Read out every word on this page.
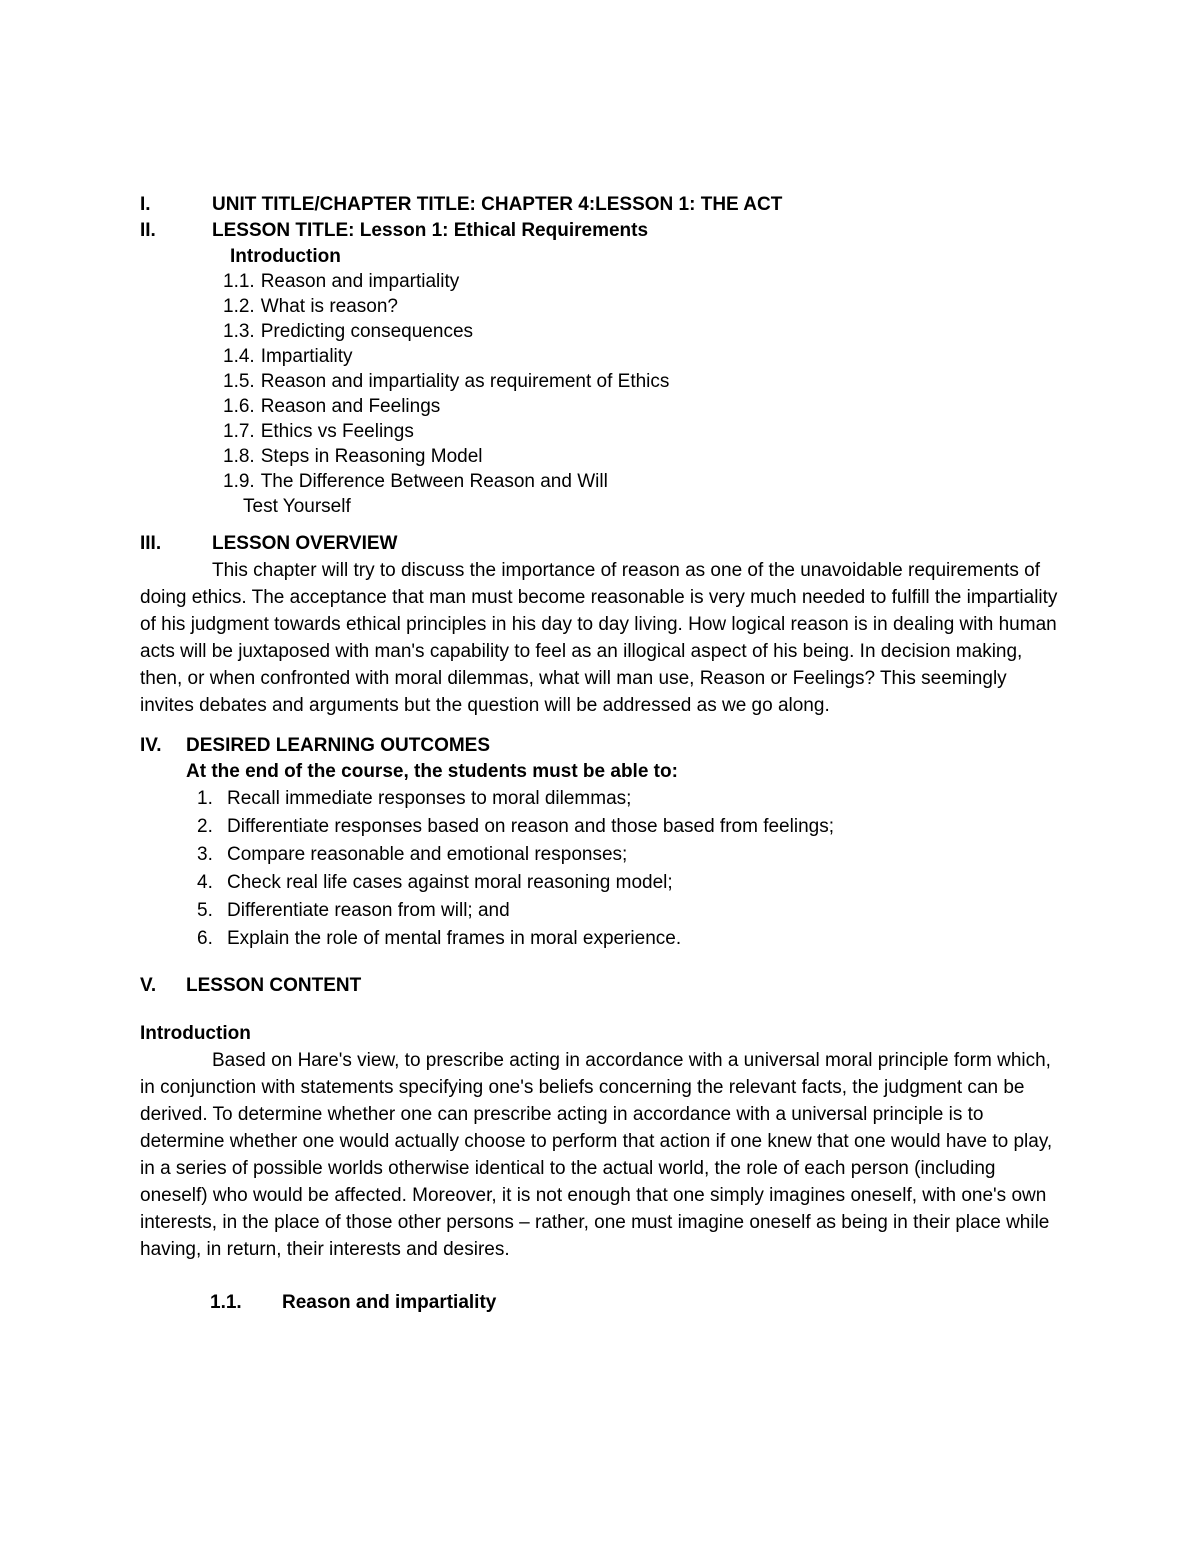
I.	UNIT TITLE/CHAPTER TITLE: CHAPTER 4:LESSON 1: THE ACT
II.	LESSON TITLE: Lesson 1: Ethical Requirements
Introduction
1.1. Reason and impartiality
1.2. What is reason?
1.3. Predicting consequences
1.4. Impartiality
1.5. Reason and impartiality as requirement of Ethics
1.6. Reason and Feelings
1.7. Ethics vs Feelings
1.8. Steps in Reasoning Model
1.9. The Difference Between Reason and Will
Test Yourself
III.	LESSON OVERVIEW

This chapter will try to discuss the importance of reason as one of the unavoidable requirements of doing ethics. The acceptance that man must become reasonable is very much needed to fulfill the impartiality of his judgment towards ethical principles in his day to day living. How logical reason is in dealing with human acts will be juxtaposed with man's capability to feel as an illogical aspect of his being. In decision making, then, or when confronted with moral dilemmas, what will man use, Reason or Feelings? This seemingly invites debates and arguments but the question will be addressed as we go along.

IV.	DESIRED LEARNING OUTCOMES
At the end of the course, the students must be able to:
1. Recall immediate responses to moral dilemmas;
2. Differentiate responses based on reason and those based from feelings;
3. Compare reasonable and emotional responses;
4. Check real life cases against moral reasoning model;
5. Differentiate reason from will; and
6. Explain the role of mental frames in moral experience.
V.	LESSON CONTENT
Introduction

Based on Hare's view, to prescribe acting in accordance with a universal moral principle form which, in conjunction with statements specifying one's beliefs concerning the relevant facts, the judgment can be derived. To determine whether one can prescribe acting in accordance with a universal principle is to determine whether one would actually choose to perform that action if one knew that one would have to play, in a series of possible worlds otherwise identical to the actual world, the role of each person (including oneself) who would be affected. Moreover, it is not enough that one simply imagines oneself, with one's own interests, in the place of those other persons – rather, one must imagine oneself as being in their place while having, in return, their interests and desires.

1.1.	Reason and impartiality
